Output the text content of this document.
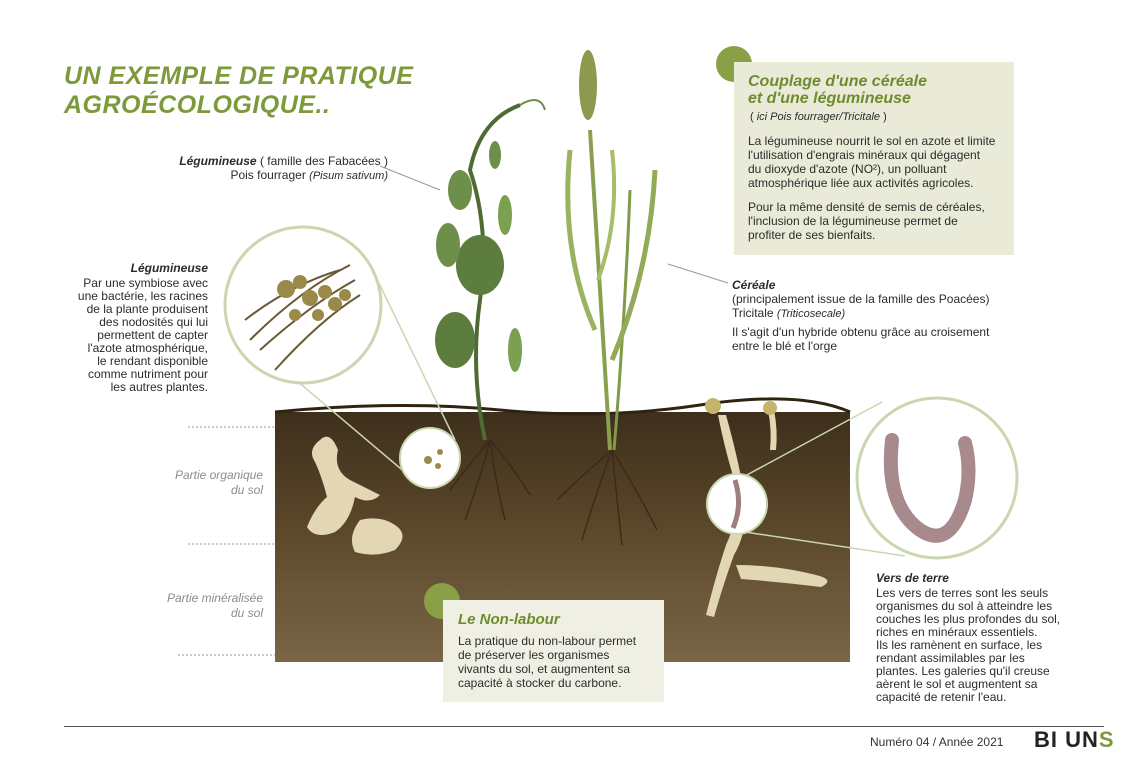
UN EXEMPLE DE PRATIQUE
AGROÉCOLOGIQUE..
Légumineuse ( famille des Fabacées )
Pois fourrager (Pisum sativum)
Légumineuse
Par une symbiose avec
une bactérie, les racines
de la plante produisent
des nodosités qui lui
permettent de capter
l'azote atmosphérique,
le rendant disponible
comme nutriment pour
les autres plantes.
Couplage d'une céréale
et d'une légumineuse
( ici Pois fourrager/Tricitale )
La légumineuse nourrit le sol en azote et limite
l'utilisation d'engrais minéraux qui dégagent
du dioxyde d'azote (NO²), un polluant
atmosphérique liée aux activités agricoles.
Pour la même densité de semis de céréales,
l'inclusion de la légumineuse permet de
profiter de ses bienfaits.
Céréale
(principalement issue de la famille des Poacées)
Tricitale (Triticosecale)
Il s'agit d'un hybride obtenu grâce au croisement
entre le blé et l'orge
Partie organique
du sol
Partie minéralisée
du sol	Le Non-labour
La pratique du non-labour permet
de préserver les organismes
vivants du sol, et augmentent sa
capacité à stocker du carbone.
Vers de terre
Les vers de terres sont les seuls
organismes du sol à atteindre les
couches les plus profondes du sol,
riches en minéraux essentiels.
Ils les ramènent en surface, les
rendant assimilables par les
plantes. Les galeries qu'il creuse
aèrent le sol et augmentent sa
capacité de retenir l'eau.
Numéro 04 / Année 2021 BI UNS
